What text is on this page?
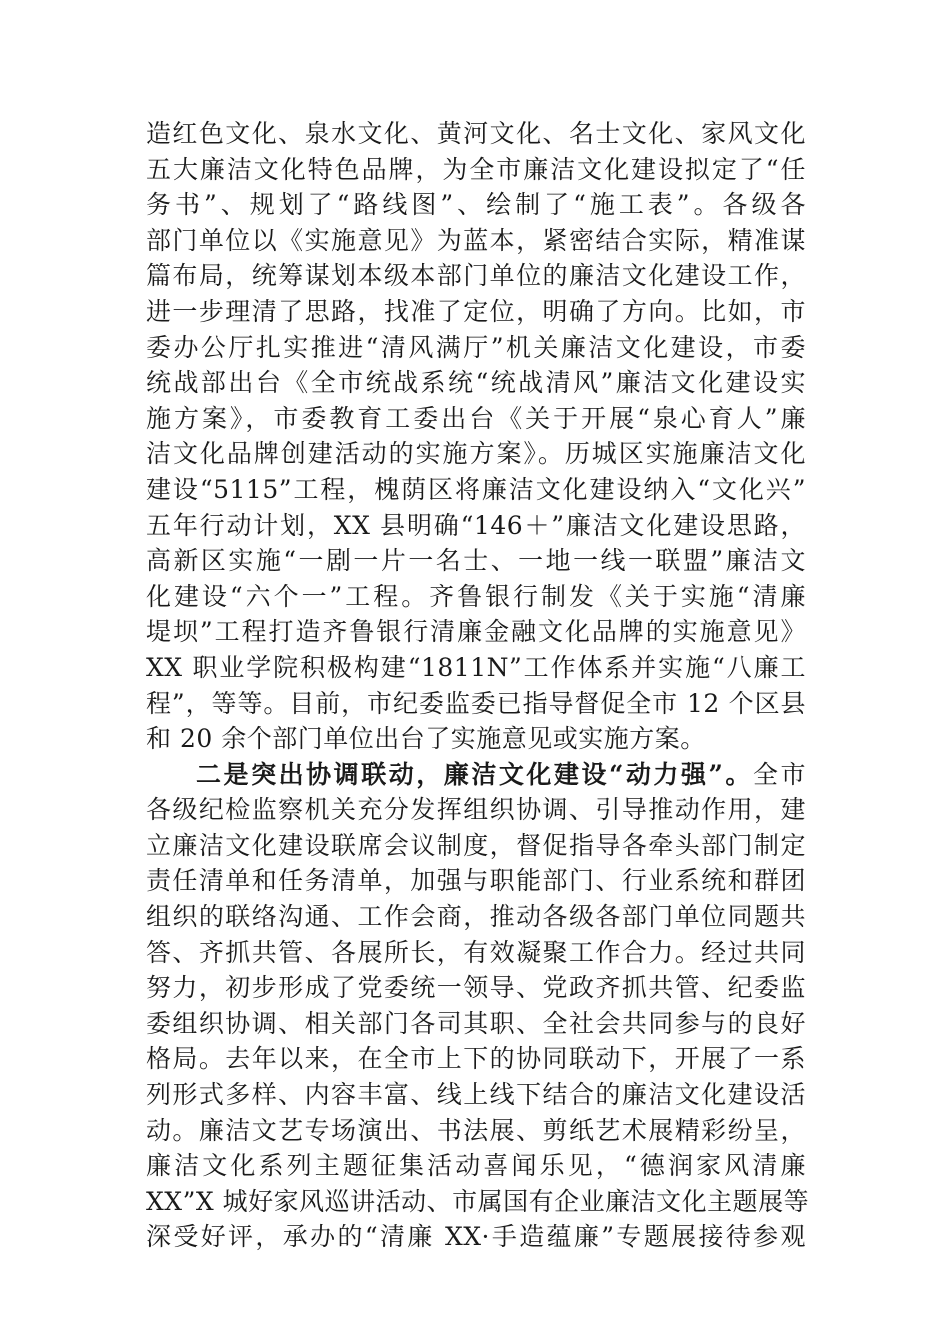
造红色文化、泉水文化、黄河文化、名士文化、家风文化
五大廉洁文化特色品牌，为全市廉洁文化建设拟定了“任
务书”、规划了“路线图”、绘制了“施工表”。各级各
部门单位以《实施意见》为蓝本，紧密结合实际，精准谋
篇布局，统筹谋划本级本部门单位的廉洁文化建设工作，
进一步理清了思路，找准了定位，明确了方向。比如，市
委办公厅扎实推进“清风满厅”机关廉洁文化建设，市委
统战部出台《全市统战系统“统战清风”廉洁文化建设实
施方案》，市委教育工委出台《关于开展“泉心育人”廉
洁文化品牌创建活动的实施方案》。历城区实施廉洁文化
建设“5115”工程，槐荫区将廉洁文化建设纳入“文化兴”
五年行动计划，XX 县明确“146＋”廉洁文化建设思路，
高新区实施“一剧一片一名士、一地一线一联盟”廉洁文
化建设“六个一”工程。齐鲁银行制发《关于实施“清廉
堤坝”工程打造齐鲁银行清廉金融文化品牌的实施意见》
XX 职业学院积极构建“1811N”工作体系并实施“八廉工
程”，等等。目前，市纪委监委已指导督促全市 12 个区县
和 20 余个部门单位出台了实施意见或实施方案。
二是突出协调联动，廉洁文化建设“动力强”。全市
各级纪检监察机关充分发挥组织协调、引导推动作用，建
立廉洁文化建设联席会议制度，督促指导各牵头部门制定
责任清单和任务清单，加强与职能部门、行业系统和群团
组织的联络沟通、工作会商，推动各级各部门单位同题共
答、齐抓共管、各展所长，有效凝聚工作合力。经过共同
努力，初步形成了党委统一领导、党政齐抓共管、纪委监
委组织协调、相关部门各司其职、全社会共同参与的良好
格局。去年以来，在全市上下的协同联动下，开展了一系
列形式多样、内容丰富、线上线下结合的廉洁文化建设活
动。廉洁文艺专场演出、书法展、剪纸艺术展精彩纷呈，
廉洁文化系列主题征集活动喜闻乐见，“德润家风清廉
XX”X 城好家风巡讲活动、市属国有企业廉洁文化主题展等
深受好评，承办的“清廉 XX·手造蕴廉”专题展接待参观
